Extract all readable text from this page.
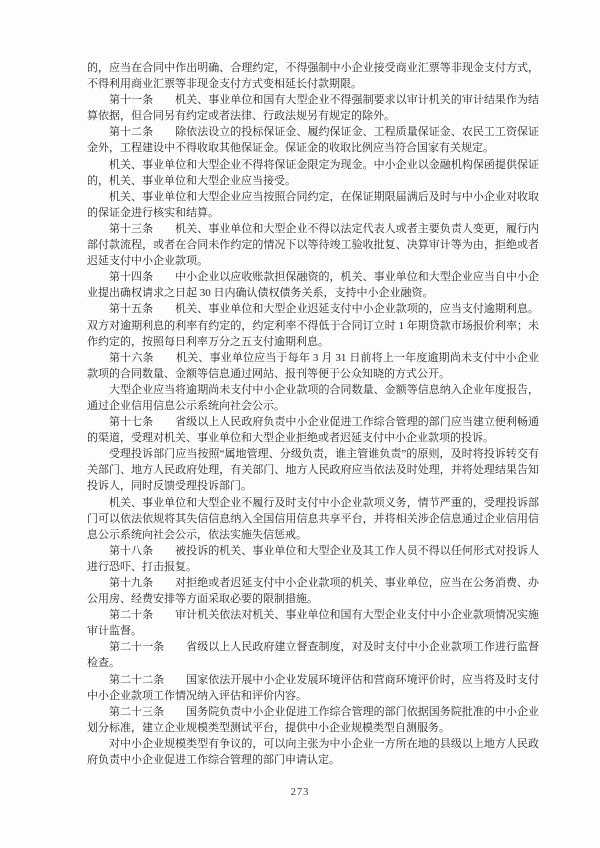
的，应当在合同中作出明确、合理约定，不得强制中小企业接受商业汇票等非现金支付方式，不得利用商业汇票等非现金支付方式变相延长付款期限。

第十一条　　机关、事业单位和国有大型企业不得强制要求以审计机关的审计结果作为结算依据，但合同另有约定或者法律、行政法规另有规定的除外。

第十二条　　除依法设立的投标保证金、履约保证金、工程质量保证金、农民工工资保证金外，工程建设中不得收取其他保证金。保证金的收取比例应当符合国家有关规定。

机关、事业单位和大型企业不得将保证金限定为现金。中小企业以金融机构保函提供保证的，机关、事业单位和大型企业应当接受。

机关、事业单位和大型企业应当按照合同约定，在保证期限届满后及时与中小企业对收取的保证金进行核实和结算。

第十三条　　机关、事业单位和大型企业不得以法定代表人或者主要负责人变更，履行内部付款流程，或者在合同未作约定的情况下以等待竣工验收批复、决算审计等为由，拒绝或者迟延支付中小企业款项。

第十四条　　中小企业以应收账款担保融资的，机关、事业单位和大型企业应当自中小企业提出确权请求之日起 30 日内确认债权债务关系，支持中小企业融资。

第十五条　　机关、事业单位和大型企业迟延支付中小企业款项的，应当支付逾期利息。双方对逾期利息的利率有约定的，约定利率不得低于合同订立时 1 年期贷款市场报价利率；未作约定的，按照每日利率万分之五支付逾期利息。

第十六条　　机关、事业单位应当于每年 3 月 31 日前将上一年度逾期尚未支付中小企业款项的合同数量、金额等信息通过网站、报刊等便于公众知晓的方式公开。

大型企业应当将逾期尚未支付中小企业款项的合同数量、金额等信息纳入企业年度报告，通过企业信用信息公示系统向社会公示。

第十七条　　省级以上人民政府负责中小企业促进工作综合管理的部门应当建立便利畅通的渠道，受理对机关、事业单位和大型企业拒绝或者迟延支付中小企业款项的投诉。

受理投诉部门应当按照“属地管理、分级负责，谁主管谁负责”的原则，及时将投诉转交有关部门、地方人民政府处理，有关部门、地方人民政府应当依法及时处理，并将处理结果告知投诉人，同时反馈受理投诉部门。

机关、事业单位和大型企业不履行及时支付中小企业款项义务，情节严重的，受理投诉部门可以依法依规将其失信信息纳入全国信用信息共享平台，并将相关涉企信息通过企业信用信息公示系统向社会公示，依法实施失信惩戒。

第十八条　　被投诉的机关、事业单位和大型企业及其工作人员不得以任何形式对投诉人进行恐吓、打击报复。

第十九条　　对拒绝或者迟延支付中小企业款项的机关、事业单位，应当在公务消费、办公用房、经费安排等方面采取必要的限制措施。

第二十条　　审计机关依法对机关、事业单位和国有大型企业支付中小企业款项情况实施审计监督。

第二十一条　　省级以上人民政府建立督查制度，对及时支付中小企业款项工作进行监督检查。

第二十二条　　国家依法开展中小企业发展环境评估和营商环境评价时，应当将及时支付中小企业款项工作情况纳入评估和评价内容。

第二十三条　　国务院负责中小企业促进工作综合管理的部门依据国务院批准的中小企业划分标准，建立企业规模类型测试平台，提供中小企业规模类型自测服务。

对中小企业规模类型有争议的，可以向主张为中小企业一方所在地的县级以上地方人民政府负责中小企业促进工作综合管理的部门申请认定。

273
